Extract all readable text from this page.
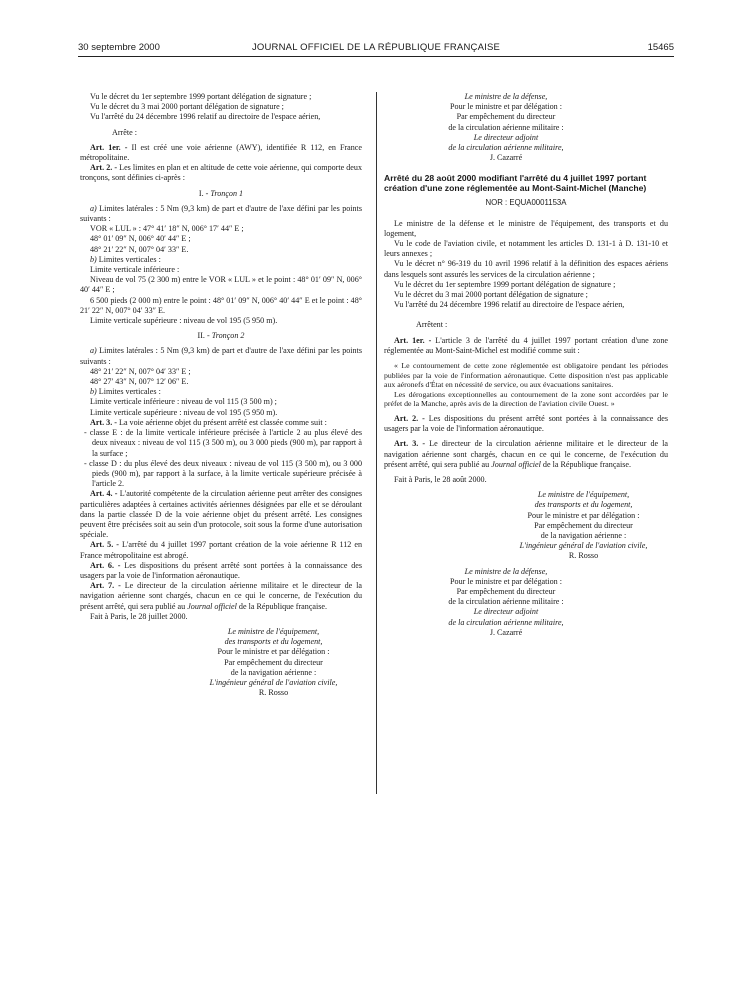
30 septembre 2000	JOURNAL OFFICIEL DE LA RÉPUBLIQUE FRANÇAISE	15465

Vu le décret du 1er septembre 1999 portant délégation de signature ;

Vu le décret du 3 mai 2000 portant délégation de signature ;

Vu l'arrêté du 24 décembre 1996 relatif au directoire de l'espace aérien,

Arrête :

Art. 1er. - Il est créé une voie aérienne (AWY), identifiée R 112, en France métropolitaine.

Art. 2. - Les limites en plan et en altitude de cette voie aérienne, qui comporte deux tronçons, sont définies ci-après :

I. - Tronçon 1

a) Limites latérales : 5 Nm (9,3 km) de part et d'autre de l'axe défini par les points suivants :

VOR « LUL » : 47° 41′ 18″ N, 006° 17′ 44″ E ;

48° 01′ 09″ N, 006° 40′ 44″ E ;

48° 21′ 22″ N, 007° 04′ 33″ E.

b) Limites verticales :

Limite verticale inférieure :

Niveau de vol 75 (2 300 m) entre le VOR « LUL » et le point : 48° 01′ 09″ N, 006° 40′ 44″ E ;

6 500 pieds (2 000 m) entre le point : 48° 01′ 09″ N, 006° 40′ 44″ E et le point : 48° 21′ 22″ N, 007° 04′ 33″ E.

Limite verticale supérieure : niveau de vol 195 (5 950 m).

II. - Tronçon 2

a) Limites latérales : 5 Nm (9,3 km) de part et d'autre de l'axe défini par les points suivants :

48° 21′ 22″ N, 007° 04′ 33″ E ;

48° 27′ 43″ N, 007° 12′ 06″ E.

b) Limites verticales :

Limite verticale inférieure : niveau de vol 115 (3 500 m) ;

Limite verticale supérieure : niveau de vol 195 (5 950 m).

Art. 3. - La voie aérienne objet du présent arrêté est classée comme suit :

- classe E : de la limite verticale inférieure précisée à l'article 2 au plus élevé des deux niveaux : niveau de vol 115 (3 500 m), ou 3 000 pieds (900 m), par rapport à la surface ;

- classe D : du plus élevé des deux niveaux : niveau de vol 115 (3 500 m), ou 3 000 pieds (900 m), par rapport à la surface, à la limite verticale supérieure précisée à l'article 2.

Art. 4. - L'autorité compétente de la circulation aérienne peut arrêter des consignes particulières adaptées à certaines activités aériennes désignées par elle et se déroulant dans la partie classée D de la voie aérienne objet du présent arrêté. Les consignes peuvent être précisées soit au sein d'un protocole, soit sous la forme d'une autorisation spéciale.

Art. 5. - L'arrêté du 4 juillet 1997 portant création de la voie aérienne R 112 en France métropolitaine est abrogé.

Art. 6. - Les dispositions du présent arrêté sont portées à la connaissance des usagers par la voie de l'information aéronautique.

Art. 7. - Le directeur de la circulation aérienne militaire et le directeur de la navigation aérienne sont chargés, chacun en ce qui le concerne, de l'exécution du présent arrêté, qui sera publié au Journal officiel de la République française.

Fait à Paris, le 28 juillet 2000.

Le ministre de l'équipement,

des transports et du logement,

Pour le ministre et par délégation :

Par empêchement du directeur

de la navigation aérienne :

L'ingénieur général de l'aviation civile,

R. Rosso

Le ministre de la défense,

Pour le ministre et par délégation :

Par empêchement du directeur

de la circulation aérienne militaire :

Le directeur adjoint

de la circulation aérienne militaire,

J. Cazarré

Arrêté du 28 août 2000 modifiant l'arrêté du 4 juillet 1997 portant création d'une zone réglementée au Mont-Saint-Michel (Manche)

NOR : EQUA0001153A

Le ministre de la défense et le ministre de l'équipement, des transports et du logement,

Vu le code de l'aviation civile, et notamment les articles D. 131-1 à D. 131-10 et leurs annexes ;

Vu le décret n° 96-319 du 10 avril 1996 relatif à la définition des espaces aériens dans lesquels sont assurés les services de la circulation aérienne ;

Vu le décret du 1er septembre 1999 portant délégation de signature ;

Vu le décret du 3 mai 2000 portant délégation de signature ;

Vu l'arrêté du 24 décembre 1996 relatif au directoire de l'espace aérien,

Arrêtent :

Art. 1er. - L'article 3 de l'arrêté du 4 juillet 1997 portant création d'une zone réglementée au Mont-Saint-Michel est modifié comme suit :

« Le contournement de cette zone réglementée est obligatoire pendant les périodes publiées par la voie de l'information aéronautique. Cette disposition n'est pas applicable aux aéronefs d'État en nécessité de service, ou aux évacuations sanitaires.

Les dérogations exceptionnelles au contournement de la zone sont accordées par le préfet de la Manche, après avis de la direction de l'aviation civile Ouest. »

Art. 2. - Les dispositions du présent arrêté sont portées à la connaissance des usagers par la voie de l'information aéronautique.

Art. 3. - Le directeur de la circulation aérienne militaire et le directeur de la navigation aérienne sont chargés, chacun en ce qui le concerne, de l'exécution du présent arrêté, qui sera publié au Journal officiel de la République française.

Fait à Paris, le 28 août 2000.

Le ministre de l'équipement,

des transports et du logement,

Pour le ministre et par délégation :

Par empêchement du directeur

de la navigation aérienne :

L'ingénieur général de l'aviation civile,

R. Rosso

Le ministre de la défense,

Pour le ministre et par délégation :

Par empêchement du directeur

de la circulation aérienne militaire :

Le directeur adjoint

de la circulation aérienne militaire,

J. Cazarré
